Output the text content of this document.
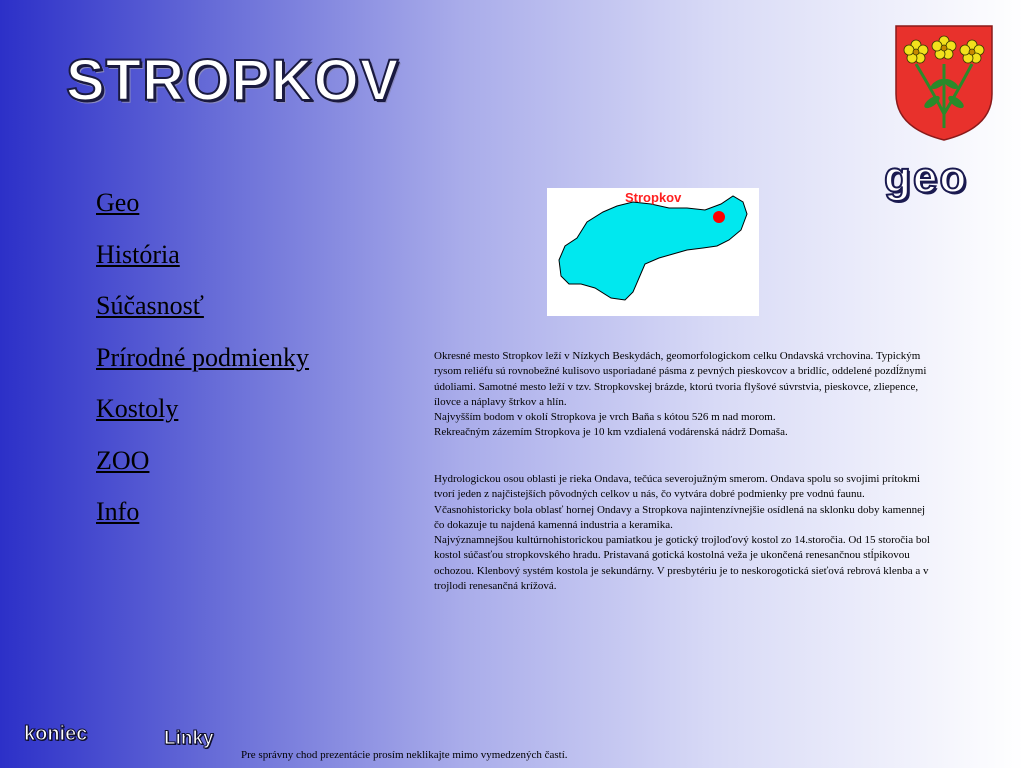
STROPKOV
Geo
História
Súčasnosť
Prírodné podmienky
Kostoly
ZOO
Info
geo
Stropkov

Okresné mesto Stropkov leží v Nízkych Beskydách, geomorfologickom celku Ondavská vrchovina. Typickým rysom reliéfu sú rovnobežné kulisovo usporiadané pásma z pevných pieskovcov a bridlíc, oddelené pozdĺžnymi údoliami. Samotné mesto leží v tzv. Stropkovskej brázde, ktorú tvoria flyšové súvrstvia, pieskovce, zliepence, ílovce a náplavy štrkov a hlín.

Najvyšším bodom v okolí Stropkova je vrch Baňa s kótou 526 m nad morom.

Rekreačným zázemím Stropkova je 10 km vzdialená vodárenská nádrž Domaša.

Hydrologickou osou oblasti je rieka Ondava, tečúca severojužným smerom. Ondava spolu so svojimi prítokmi tvorí jeden z najčistejších pôvodných celkov u nás, čo vytvára dobré podmienky pre vodnú faunu.

Včasnohistoricky bola oblasť hornej Ondavy a Stropkova najintenzívnejšie osídlená na sklonku doby kamennej čo dokazuje tu najdená kamenná industria a keramika.

Najvýznamnejšou kultúrnohistorickou pamiatkou je gotický trojloďový kostol zo 14.storočia. Od 15 storočia bol kostol súčasťou stropkovského hradu. Pristavaná gotická kostolná veža je ukončená renesančnou stĺpikovou ochozou. Klenbový systém kostola je sekundárny. V presbytériu je to neskorogotická sieťová rebrová klenba a v trojlodi renesančná krížová.

koniec	Linky
Pre správny chod prezentácie prosím neklikajte mimo vymedzených častí.
